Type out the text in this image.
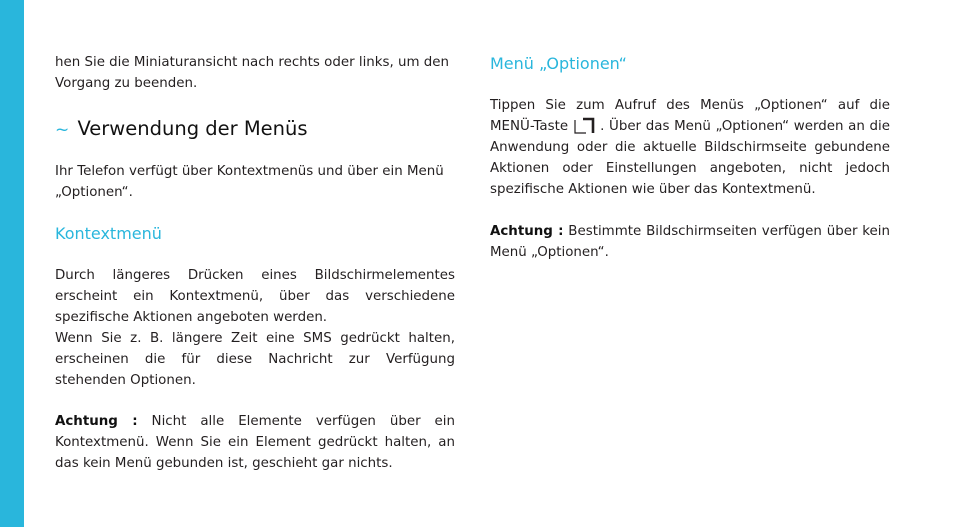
hen Sie die Miniaturansicht nach rechts oder links, um den Vorgang zu beenden.

~ Verwendung der Menüs

Ihr Telefon verfügt über Kontextmenüs und über ein Menü „Optionen“.

Kontextmenü

Durch längeres Drücken eines Bildschirmelementes erscheint ein Kontextmenü, über das verschiedene spezifische Aktionen angeboten werden.

Wenn Sie z. B. längere Zeit eine SMS gedrückt halten, erscheinen die für diese Nachricht zur Verfügung stehenden Optionen.

Achtung : Nicht alle Elemente verfügen über ein Kontextmenü. Wenn Sie ein Element gedrückt halten, an das kein Menü gebunden ist, geschieht gar nichts.

Menü „Optionen“

Tippen Sie zum Aufruf des Menüs „Optionen“ auf die MENÜ-Taste . Über das Menü „Optionen“ werden an die Anwendung oder die aktuelle Bildschirmseite gebundene Aktionen oder Einstellungen angeboten, nicht jedoch spezifische Aktionen wie über das Kontextmenü.

Achtung : Bestimmte Bildschirmseiten verfügen über kein Menü „Optionen“.
